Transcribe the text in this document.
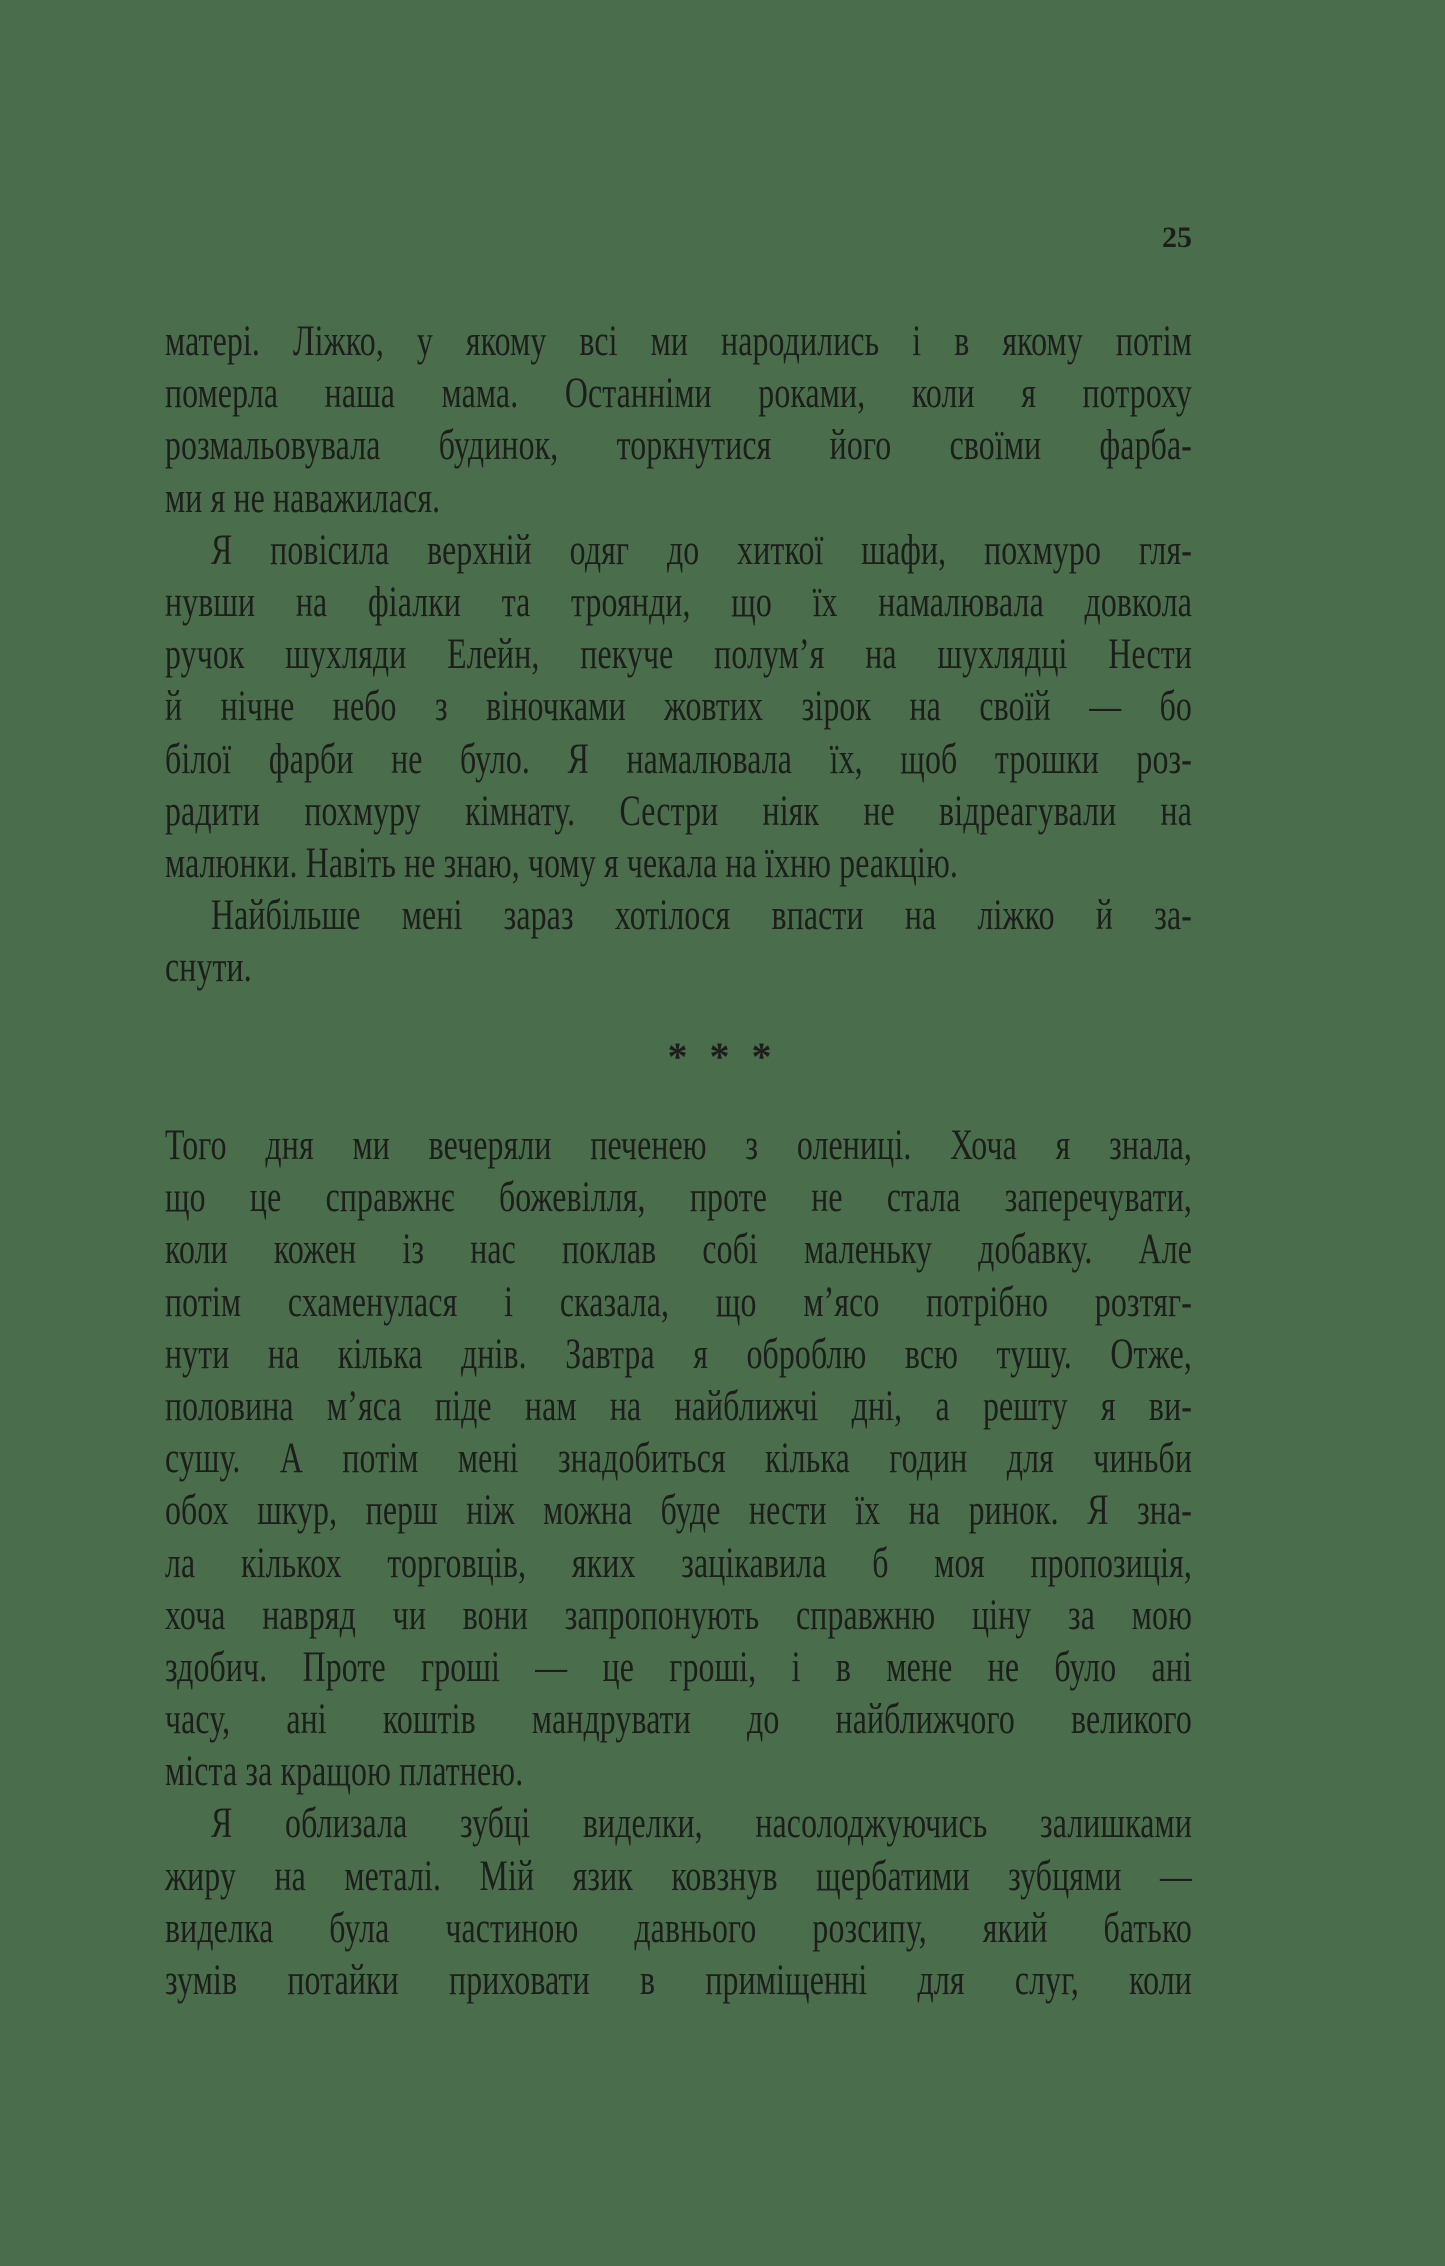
25
матері. Ліжко, у якому всі ми народились і в якому потім
померла наша мама. Останніми роками, коли я потроху
розмальовувала будинок, торкнутися його своїми фарба-
ми я не наважилася.
Я повісила верхній одяг до хиткої шафи, похмуро гля-
нувши на фіалки та троянди, що їх намалювала довкола
ручок шухляди Елейн, пекуче полум’я на шухлядці Нести
й нічне небо з віночками жовтих зірок на своїй — бо
білої фарби не було. Я намалювала їх, щоб трошки роз-
радити похмуру кімнату. Сестри ніяк не відреагували на
малюнки. Навіть не знаю, чому я чекала на їхню реакцію.
Найбільше мені зараз хотілося впасти на ліжко й за-
снути.
* * *
Того дня ми вечеряли печенею з олениці. Хоча я знала,
що це справжнє божевілля, проте не стала заперечувати,
коли кожен із нас поклав собі маленьку добавку. Але
потім схаменулася і сказала, що м’ясо потрібно розтяг-
нути на кілька днів. Завтра я оброблю всю тушу. Отже,
половина м’яса піде нам на найближчі дні, а решту я ви-
сушу. А потім мені знадобиться кілька годин для чиньби
обох шкур, перш ніж можна буде нести їх на ринок. Я зна-
ла кількох торговців, яких зацікавила б моя пропозиція,
хоча навряд чи вони запропонують справжню ціну за мою
здобич. Проте гроші — це гроші, і в мене не було ані
часу, ані коштів мандрувати до найближчого великого
міста за кращою платнею.
Я облизала зубці виделки, насолоджуючись залишками
жиру на металі. Мій язик ковзнув щербатими зубцями —
виделка була частиною давнього розсипу, який батько
зумів потайки приховати в приміщенні для слуг, коли
